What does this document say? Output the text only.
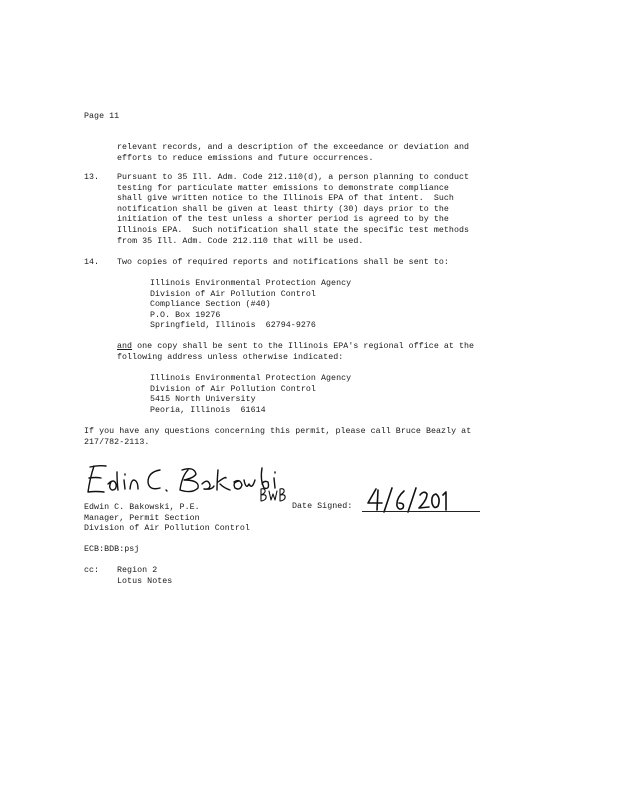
Page 11
relevant records, and a description of the exceedance or deviation and
efforts to reduce emissions and future occurrences.
13. Pursuant to 35 Ill. Adm. Code 212.110(d), a person planning to conduct
testing for particulate matter emissions to demonstrate compliance
shall give written notice to the Illinois EPA of that intent.  Such
notification shall be given at least thirty (30) days prior to the
initiation of the test unless a shorter period is agreed to by the
Illinois EPA.  Such notification shall state the specific test methods
from 35 Ill. Adm. Code 212.110 that will be used.
14. Two copies of required reports and notifications shall be sent to:
Illinois Environmental Protection Agency
Division of Air Pollution Control
Compliance Section (#40)
P.O. Box 19276
Springfield, Illinois  62794-9276
and one copy shall be sent to the Illinois EPA's regional office at the
following address unless otherwise indicated:
Illinois Environmental Protection Agency
Division of Air Pollution Control
5415 North University
Peoria, Illinois  61614
If you have any questions concerning this permit, please call Bruce Beazly at
217/782-2113.
Date Signed:
Edwin C. Bakowski, P.E.
Manager, Permit Section
Division of Air Pollution Control
ECB:BDB:psj
cc: Region 2
Lotus Notes
